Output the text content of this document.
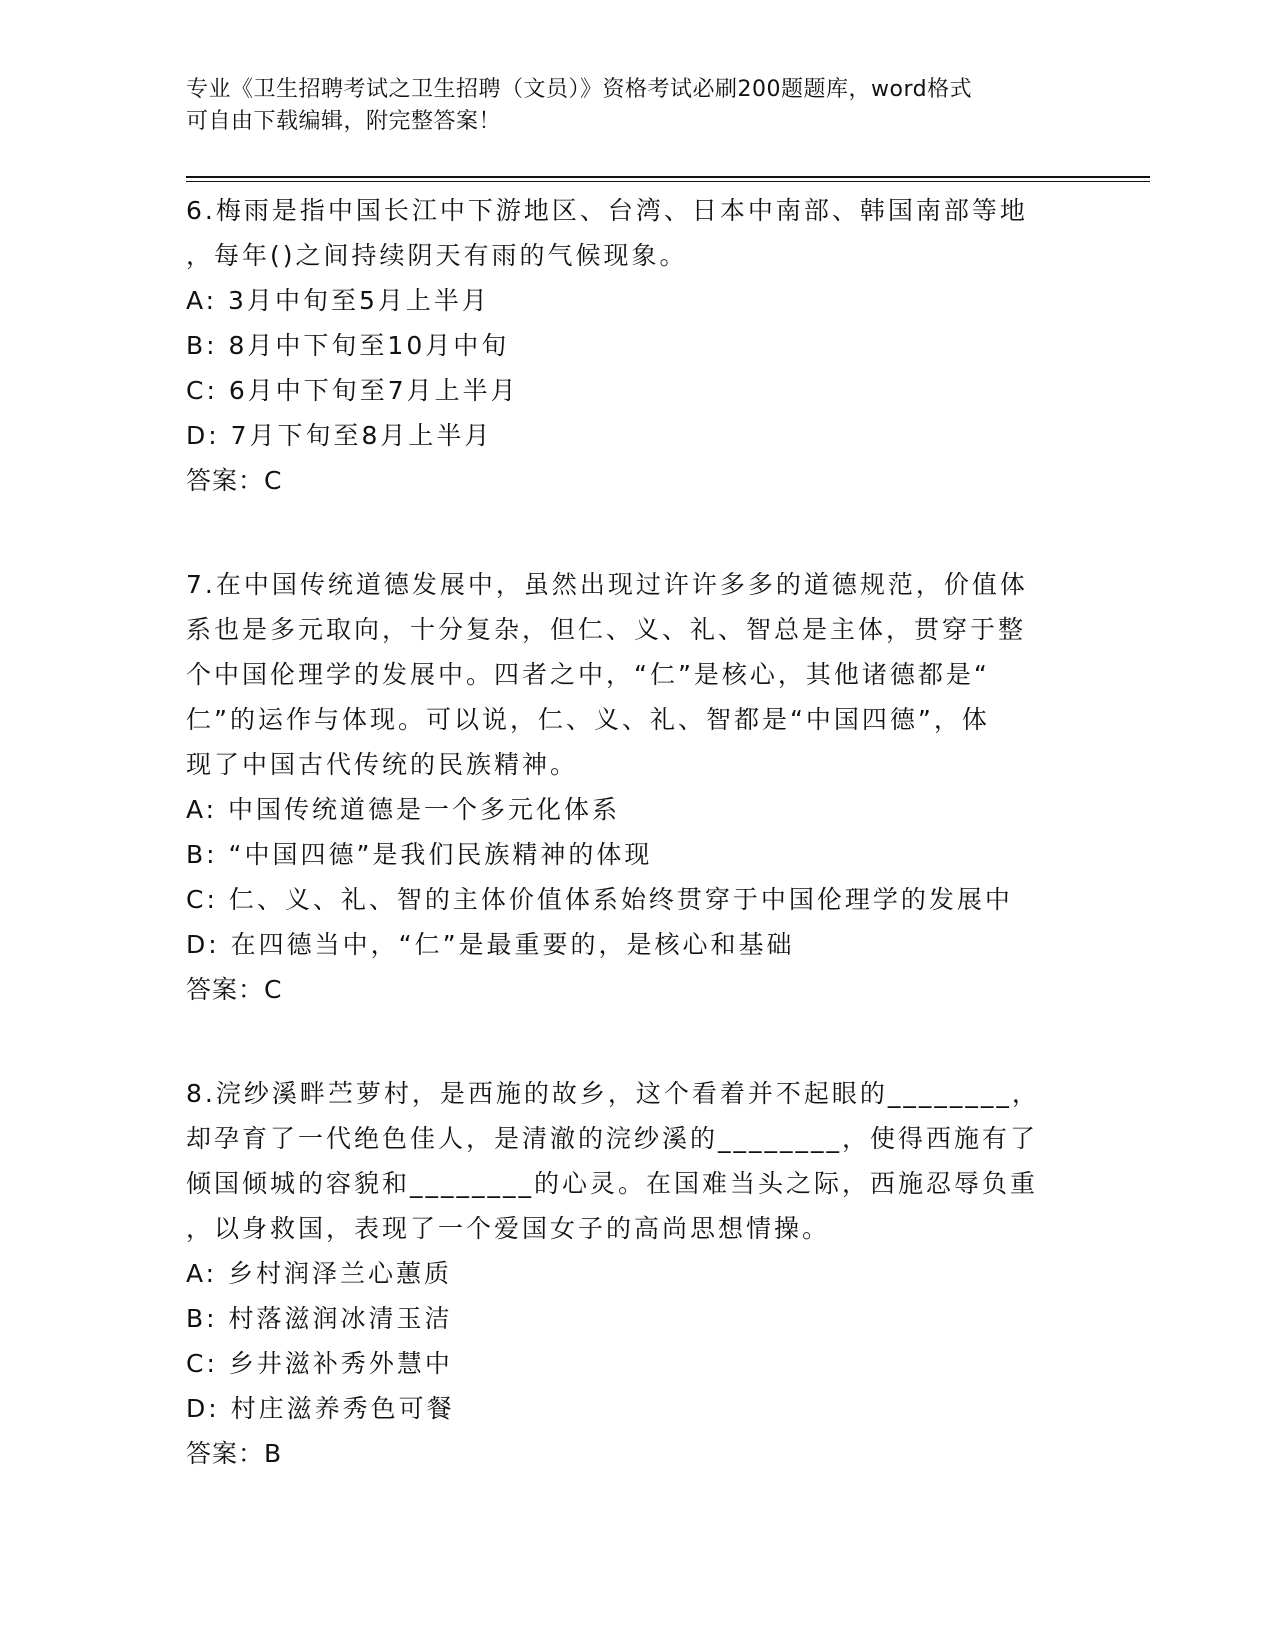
专业《卫生招聘考试之卫生招聘（文员）》资格考试必刷200题题库，word格式
可自由下载编辑，附完整答案！

6.梅雨是指中国长江中下游地区、台湾、日本中南部、韩国南部等地

，每年()之间持续阴天有雨的气候现象。

A: 3月中旬至5月上半月

B: 8月中下旬至10月中旬

C: 6月中下旬至7月上半月

D: 7月下旬至8月上半月

答案：C

7.在中国传统道德发展中，虽然出现过许许多多的道德规范，价值体

系也是多元取向，十分复杂，但仁、义、礼、智总是主体，贯穿于整

个中国伦理学的发展中。四者之中，“仁”是核心，其他诸德都是“

仁”的运作与体现。可以说，仁、义、礼、智都是“中国四德”，体

现了中国古代传统的民族精神。

A: 中国传统道德是一个多元化体系

B: “中国四德”是我们民族精神的体现

C: 仁、义、礼、智的主体价值体系始终贯穿于中国伦理学的发展中

D: 在四德当中，“仁”是最重要的，是核心和基础

答案：C

8.浣纱溪畔苎萝村，是西施的故乡，这个看着并不起眼的________，

却孕育了一代绝色佳人，是清澈的浣纱溪的________，使得西施有了

倾国倾城的容貌和________的心灵。在国难当头之际，西施忍辱负重

，以身救国，表现了一个爱国女子的高尚思想情操。

A: 乡村润泽兰心蕙质

B: 村落滋润冰清玉洁

C: 乡井滋补秀外慧中

D: 村庄滋养秀色可餐

答案：B
